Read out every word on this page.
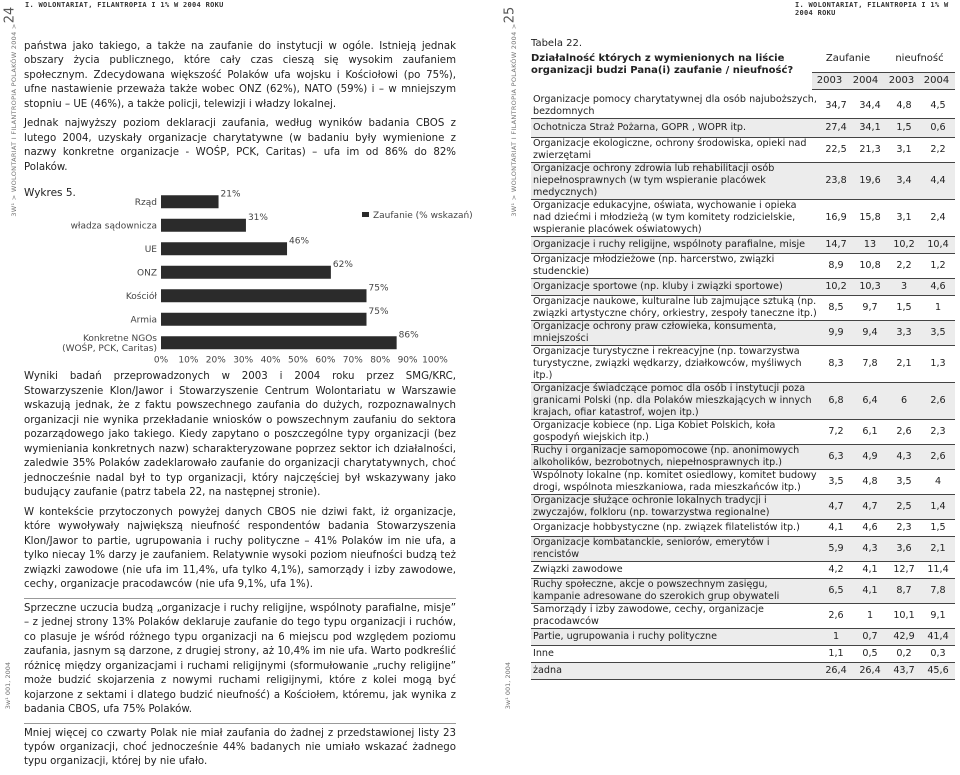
24
3W¹ > WOLONTARIAT I FILANTROPIA POLAKÓW 2004 >
3w¹ 001, 2004
I. WOLONTARIAT, FILANTROPIA I 1% W 2004 ROKU

państwa jako takiego, a także na zaufanie do instytucji w ogóle. Istnieją jednak obszary życia publicznego, które cały czas cieszą się wysokim zaufaniem społecznym. Zdecydowana większość Polaków ufa wojsku i Kościołowi (po 75%), ufne nastawienie przeważa także wobec ONZ (62%), NATO (59%) i – w mniejszym stopniu – UE (46%), a także policji, telewizji i władzy lokalnej.

Jednak najwyższy poziom deklaracji zaufania, według wyników badania CBOS z lutego 2004, uzyskały organizacje charytatywne (w badaniu były wymienione z nazwy konkretne organizacje - WOŚP, PCK, Caritas) – ufa im od 86% do 82% Polaków.

Wykres 5.
Rząd
21%
władza sądownicza
31%
UE
46%
ONZ
62%
Kościół
75%
Armia
75%
Konkretne NGOs
(WOŚP, PCK, Caritas)
86%
0% 10% 20% 30% 40% 50% 60% 70% 80% 90% 100%
Zaufanie (% wskazań)

Wyniki badań przeprowadzonych w 2003 i 2004 roku przez SMG/KRC, Stowarzyszenie Klon/Jawor i Stowarzyszenie Centrum Wolontariatu w Warszawie wskazują jednak, że z faktu powszechnego zaufania do dużych, rozpoznawalnych organizacji nie wynika przekładanie wniosków o powszechnym zaufaniu do sektora pozarządowego jako takiego. Kiedy zapytano o poszczególne typy organizacji (bez wymieniania konkretnych nazw) scharakteryzowane poprzez sektor ich działalności, zaledwie 35% Polaków zadeklarowało zaufanie do organizacji charytatywnych, choć jednocześnie nadal był to typ organizacji, który najczęściej był wskazywany jako budujący zaufanie (patrz tabela 22, na następnej stronie).

W kontekście przytoczonych powyżej danych CBOS nie dziwi fakt, iż organizacje, które wywoływały największą nieufność respondentów badania Stowarzyszenia Klon/Jawor to partie, ugrupowania i ruchy polityczne – 41% Polaków im nie ufa, a tylko niecay 1% darzy je zaufaniem. Relatywnie wysoki poziom nieufności budzą też związki zawodowe (nie ufa im 11,4%, ufa tylko 4,1%), samorządy i izby zawodowe, cechy, organizacje pracodawców (nie ufa 9,1%, ufa 1%).

Sprzeczne uczucia budzą „organizacje i ruchy religijne, wspólnoty parafialne, misje” – z jednej strony 13% Polaków deklaruje zaufanie do tego typu organizacji i ruchów, co plasuje je wśród różnego typu organizacji na 6 miejscu pod względem poziomu zaufania, jasnym są darzone, z drugiej strony, aż 10,4% im nie ufa. Warto podkreślić różnicę między organizacjami i ruchami religijnymi (sformułowanie „ruchy religijne” może budzić skojarzenia z nowymi ruchami religijnymi, które z kolei mogą być kojarzone z sektami i dlatego budzić nieufność) a Kościołem, któremu, jak wynika z badania CBOS, ufa 75% Polaków.

Mniej więcej co czwarty Polak nie miał zaufania do żadnej z przedstawionej listy 23 typów organizacji, choć jednocześnie 44% badanych nie umiało wskazać żadnego typu organizacji, której by nie ufało.

25
3W¹ > WOLONTARIAT I FILANTROPIA POLAKÓW 2004 >
3w¹ 001, 2004
I. WOLONTARIAT, FILANTROPIA I 1% W 2004 ROKU
Zaufanie	nieufność
2003	2004	2003 2004
Tabela 22.
Działalność których z wymienionych na liście organizacji budzi Pana(i) zaufanie / nieufność?
Organizacje pomocy charytatywnej dla osób najuboższych, bezdomnych	34,7	34,4	4,8	4,5
Ochotnicza Straż Pożarna, GOPR , WOPR itp.	27,4	34,1	1,5	0,6
Organizacje ekologiczne, ochrony środowiska, opieki nad zwierzętami	22,5	21,3	3,1	2,2
Organizacje ochrony zdrowia lub rehabilitacji osób niepełnosprawnych (w tym wspieranie placówek medycznych)	23,8	19,6	3,4	4,4
Organizacje edukacyjne, oświata, wychowanie i opieka nad dziećmi i młodzieżą (w tym komitety rodzicielskie, wspieranie placówek oświatowych)	16,9	15,8	3,1	2,4
Organizacje i ruchy religijne, wspólnoty parafialne, misje	14,7	13	10,2	10,4
Organizacje młodzieżowe (np. harcerstwo, związki studenckie)	8,9	10,8	2,2	1,2
Organizacje sportowe (np. kluby i związki sportowe)	10,2	10,3	3	4,6
Organizacje naukowe, kulturalne lub zajmujące sztuką (np. związki artystyczne chóry, orkiestry, zespoły taneczne itp.)	8,5	9,7	1,5	1
Organizacje ochrony praw człowieka, konsumenta, mniejszości	9,9	9,4	3,3	3,5
Organizacje turystyczne i rekreacyjne (np. towarzystwa turystyczne, związki wędkarzy, działkowców, myśliwych itp.)	8,3	7,8	2,1	1,3
Organizacje świadczące pomoc dla osób i instytucji poza granicami Polski (np. dla Polaków mieszkających w innych krajach, ofiar katastrof, wojen itp.)	6,8	6,4	6	2,6
Organizacje kobiece (np. Liga Kobiet Polskich, koła gospodyń wiejskich itp.)	7,2	6,1	2,6	2,3
Ruchy i organizacje samopomocowe (np. anonimowych alkoholików, bezrobotnych, niepełnosprawnych itp.)	6,3	4,9	4,3	2,6
Wspólnoty lokalne (np. komitet osiedlowy, komitet budowy drogi, wspólnota mieszkaniowa, rada mieszkańców itp.)	3,5	4,8	3,5	4
Organizacje służące ochronie lokalnych tradycji i zwyczajów, folkloru (np. towarzystwa regionalne)	4,7	4,7	2,5	1,4
Organizacje hobbystyczne (np. związek filatelistów itp.)	4,1	4,6	2,3	1,5
Organizacje kombatanckie, seniorów, emerytów i rencistów	5,9	4,3	3,6	2,1
Związki zawodowe	4,2	4,1	12,7	11,4
Ruchy społeczne, akcje o powszechnym zasięgu, kampanie adresowane do szerokich grup obywateli	6,5	4,1	8,7	7,8
Samorządy i izby zawodowe, cechy, organizacje pracodawców	2,6	1	10,1	9,1
Partie, ugrupowania i ruchy polityczne	1	0,7	42,9	41,4
Inne	1,1	0,5	0,2	0,3
żadna	26,4	26,4	43,7	45,6
